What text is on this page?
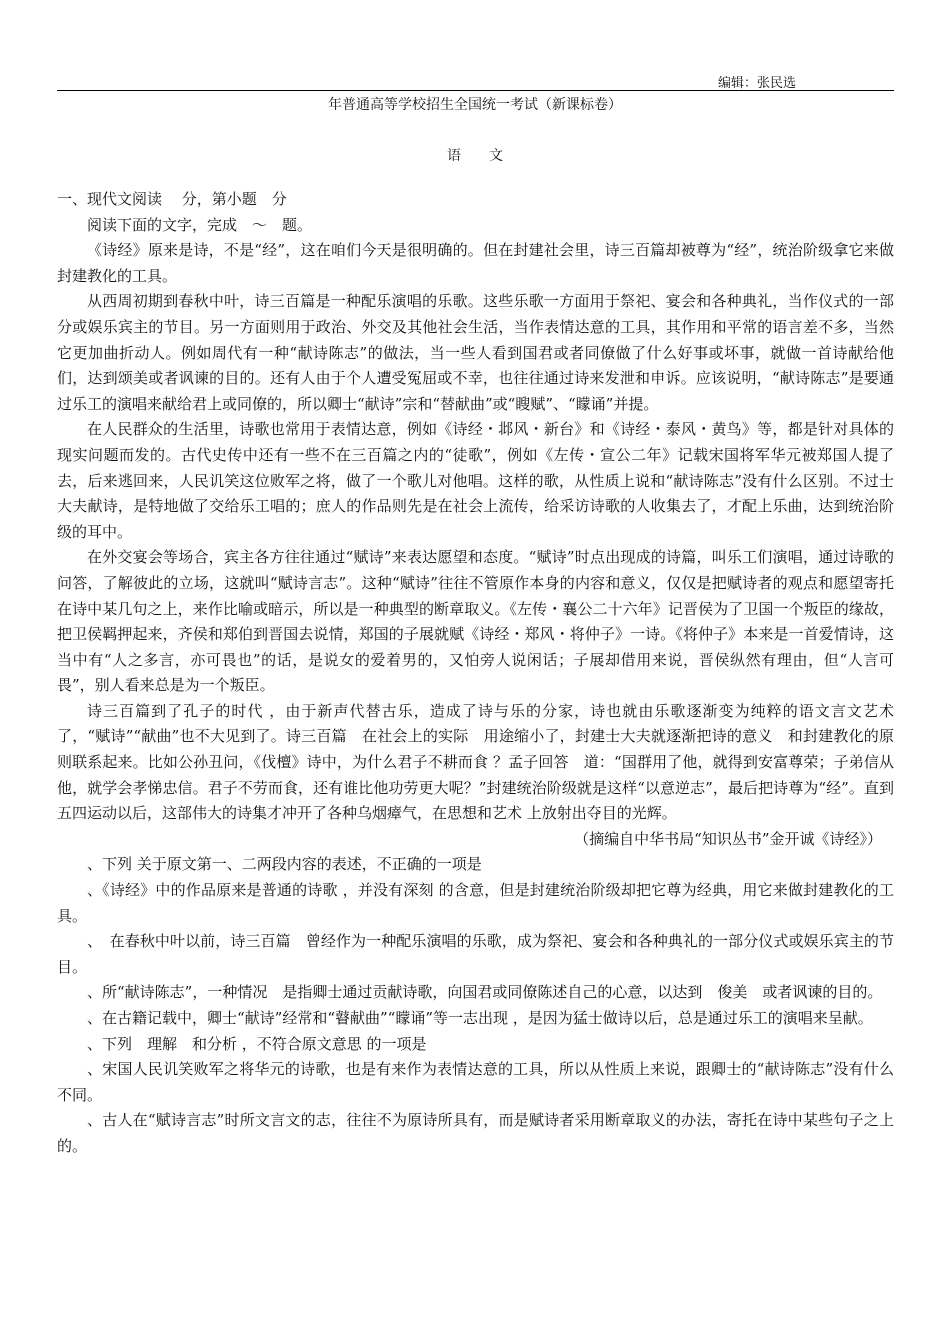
编辑：张民选
年普通高等学校招生全国统一考试（新课标卷）
语文

一、现代文阅读　 分，第小题　分

阅读下面的文字，完成　～　题。

《诗经》原来是诗，不是“经”，这在咱们今天是很明确的。但在封建社会里，诗三百篇却被尊为“经”，统治阶级拿它来做封建教化的工具。

从西周初期到春秋中叶，诗三百篇是一种配乐演唱的乐歌。这些乐歌一方面用于祭祀、宴会和各种典礼，当作仪式的一部分或娱乐宾主的节目。另一方面则用于政治、外交及其他社会生活，当作表情达意的工具，其作用和平常的语言差不多，当然它更加曲折动人。例如周代有一种“献诗陈志”的做法，当一些人看到国君或者同僚做了什么好事或坏事，就做一首诗献给他们，达到颂美或者讽谏的目的。还有人由于个人遭受冤屈或不幸，也往往通过诗来发泄和申诉。应该说明，“献诗陈志”是要通过乐工的演唱来献给君上或同僚的，所以卿士“献诗”宗和“替献曲”或“瞍赋”、“矇诵”并提。

在人民群众的生活里，诗歌也常用于表情达意，例如《诗经・邶风・新台》和《诗经・泰风・黄鸟》等，都是针对具体的现实问题而发的。古代史传中还有一些不在三百篇之内的“徒歌”，例如《左传・宣公二年》记载宋国将军华元被郑国人提了去，后来逃回来，人民讥笑这位败军之将，做了一个歌儿对他唱。这样的歌，从性质上说和“献诗陈志”没有什么区别。不过士大夫献诗，是特地做了交给乐工唱的；庶人的作品则先是在社会上流传，给采访诗歌的人收集去了，才配上乐曲，达到统治阶级的耳中。

在外交宴会等场合，宾主各方往往通过“赋诗”来表达愿望和态度。“赋诗”时点出现成的诗篇，叫乐工们演唱，通过诗歌的问答，了解彼此的立场，这就叫“赋诗言志”。这种“赋诗”往往不管原作本身的内容和意义，仅仅是把赋诗者的观点和愿望寄托在诗中某几句之上，来作比喻或暗示，所以是一种典型的断章取义。《左传・襄公二十六年》记晋侯为了卫国一个叛臣的缘故，把卫侯羁押起来，齐侯和郑伯到晋国去说情，郑国的子展就赋《诗经・郑风・将仲子》一诗。《将仲子》本来是一首爱情诗，这当中有“人之多言，亦可畏也”的话，是说女的爱着男的，又怕旁人说闲话；子展却借用来说，晋侯纵然有理由，但“人言可畏”，别人看来总是为一个叛臣。

诗三百篇到了孔子的时代 ，由于新声代替古乐，造成了诗与乐的分家，诗也就由乐歌逐渐变为纯粹的语文言文艺术 了，“赋诗”“献曲”也不大见到了。诗三百篇　在社会上的实际　用途缩小了，封建士大夫就逐渐把诗的意义　和封建教化的原则联系起来。比如公孙丑问，《伐檀》诗中，为什么君子不耕而食 ？孟子回答　道：“国群用了他，就得到安富尊荣；子弟信从他，就学会孝悌忠信。君子不劳而食，还有谁比他功劳更大呢？”封建统治阶级就是这样“以意逆志”，最后把诗尊为“经”。直到五四运动以后，这部伟大的诗集才冲开了各种乌烟瘴气，在思想和艺术 上放射出夺目的光辉。

（摘编自中华书局“知识丛书”金开诚《诗经》）

、下列 关于原文第一、二两段内容的表述，不正确的一项是

、《诗经》中的作品原来是普通的诗歌 ，并没有深刻 的含意，但是封建统治阶级却把它尊为经典，用它来做封建教化的工具。

、　在春秋中叶以前，诗三百篇　曾经作为一种配乐演唱的乐歌，成为祭祀、宴会和各种典礼的一部分仪式或娱乐宾主的节目。

、所“献诗陈志”，一种情况　是指卿士通过贡献诗歌，向国君或同僚陈述自己的心意，以达到　俊美　或者讽谏的目的。

、在古籍记载中，卿士“献诗”经常和“瞽献曲”“矇诵”等一志出现 ，是因为猛士做诗以后，总是通过乐工的演唱来呈献。

、下列　理解　和分析 ，不符合原文意思 的一项是

、宋国人民讥笑败军之将华元的诗歌，也是有来作为表情达意的工具，所以从性质上来说，跟卿士的“献诗陈志”没有什么不同。

、古人在“赋诗言志”时所文言文的志，往往不为原诗所具有，而是赋诗者采用断章取义的办法，寄托在诗中某些句子之上的。
